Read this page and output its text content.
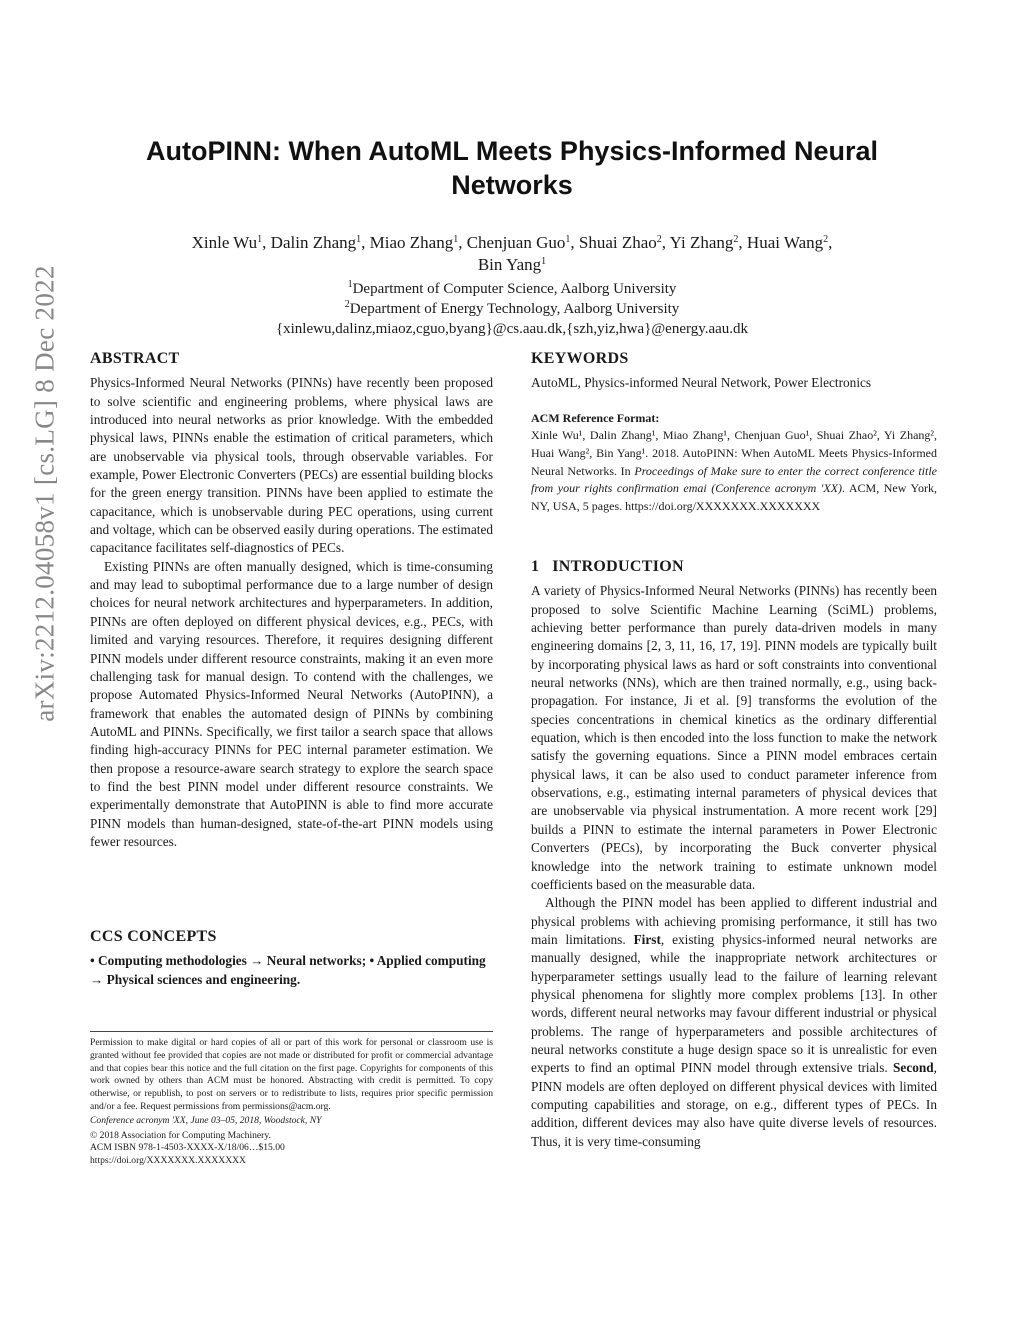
arXiv:2212.04058v1 [cs.LG] 8 Dec 2022
AutoPINN: When AutoML Meets Physics-Informed Neural Networks
Xinle Wu$^1$, Dalin Zhang$^1$, Miao Zhang$^1$, Chenjuan Guo$^1$, Shuai Zhao$^2$, Yi Zhang$^2$, Huai Wang$^2$,
Bin Yang$^1$
$^1$Department of Computer Science, Aalborg University
$^2$Department of Energy Technology, Aalborg University
{xinlewu,dalinz,miaoz,cguo,byang}@cs.aau.dk,{szh,yiz,hwa}@energy.aau.dk
ABSTRACT

Physics-Informed Neural Networks (PINNs) have recently been proposed to solve scientific and engineering problems, where physical laws are introduced into neural networks as prior knowledge. With the embedded physical laws, PINNs enable the estimation of critical parameters, which are unobservable via physical tools, through observable variables. For example, Power Electronic Converters (PECs) are essential building blocks for the green energy transition. PINNs have been applied to estimate the capacitance, which is unobservable during PEC operations, using current and voltage, which can be observed easily during operations. The estimated capacitance facilitates self-diagnostics of PECs.

Existing PINNs are often manually designed, which is time-consuming and may lead to suboptimal performance due to a large number of design choices for neural network architectures and hyperparameters. In addition, PINNs are often deployed on different physical devices, e.g., PECs, with limited and varying resources. Therefore, it requires designing different PINN models under different resource constraints, making it an even more challenging task for manual design. To contend with the challenges, we propose Automated Physics-Informed Neural Networks (AutoPINN), a framework that enables the automated design of PINNs by combining AutoML and PINNs. Specifically, we first tailor a search space that allows finding high-accuracy PINNs for PEC internal parameter estimation. We then propose a resource-aware search strategy to explore the search space to find the best PINN model under different resource constraints. We experimentally demonstrate that AutoPINN is able to find more accurate PINN models than human-designed, state-of-the-art PINN models using fewer resources.

CCS CONCEPTS

• Computing methodologies → Neural networks; • Applied computing → Physical sciences and engineering.

Permission to make digital or hard copies of all or part of this work for personal or classroom use is granted without fee provided that copies are not made or distributed for profit or commercial advantage and that copies bear this notice and the full citation on the first page. Copyrights for components of this work owned by others than ACM must be honored. Abstracting with credit is permitted. To copy otherwise, or republish, to post on servers or to redistribute to lists, requires prior specific permission and/or a fee. Request permissions from permissions@acm.org.
Conference acronym 'XX, June 03–05, 2018, Woodstock, NY
© 2018 Association for Computing Machinery.
ACM ISBN 978-1-4503-XXXX-X/18/06…$15.00
https://doi.org/XXXXXXX.XXXXXXX
KEYWORDS

AutoML, Physics-informed Neural Network, Power Electronics

ACM Reference Format:

Xinle Wu¹, Dalin Zhang¹, Miao Zhang¹, Chenjuan Guo¹, Shuai Zhao², Yi Zhang², Huai Wang², Bin Yang¹. 2018. AutoPINN: When AutoML Meets Physics-Informed Neural Networks. In Proceedings of Make sure to enter the correct conference title from your rights confirmation emai (Conference acronym 'XX). ACM, New York, NY, USA, 5 pages. https://doi.org/XXXXXXX.XXXXXXX

1 INTRODUCTION

A variety of Physics-Informed Neural Networks (PINNs) has recently been proposed to solve Scientific Machine Learning (SciML) problems, achieving better performance than purely data-driven models in many engineering domains [2, 3, 11, 16, 17, 19]. PINN models are typically built by incorporating physical laws as hard or soft constraints into conventional neural networks (NNs), which are then trained normally, e.g., using back-propagation. For instance, Ji et al. [9] transforms the evolution of the species concentrations in chemical kinetics as the ordinary differential equation, which is then encoded into the loss function to make the network satisfy the governing equations. Since a PINN model embraces certain physical laws, it can be also used to conduct parameter inference from observations, e.g., estimating internal parameters of physical devices that are unobservable via physical instrumentation. A more recent work [29] builds a PINN to estimate the internal parameters in Power Electronic Converters (PECs), by incorporating the Buck converter physical knowledge into the network training to estimate unknown model coefficients based on the measurable data.

Although the PINN model has been applied to different industrial and physical problems with achieving promising performance, it still has two main limitations. First, existing physics-informed neural networks are manually designed, while the inappropriate network architectures or hyperparameter settings usually lead to the failure of learning relevant physical phenomena for slightly more complex problems [13]. In other words, different neural networks may favour different industrial or physical problems. The range of hyperparameters and possible architectures of neural networks constitute a huge design space so it is unrealistic for even experts to find an optimal PINN model through extensive trials. Second, PINN models are often deployed on different physical devices with limited computing capabilities and storage, on e.g., different types of PECs. In addition, different devices may also have quite diverse levels of resources. Thus, it is very time-consuming
